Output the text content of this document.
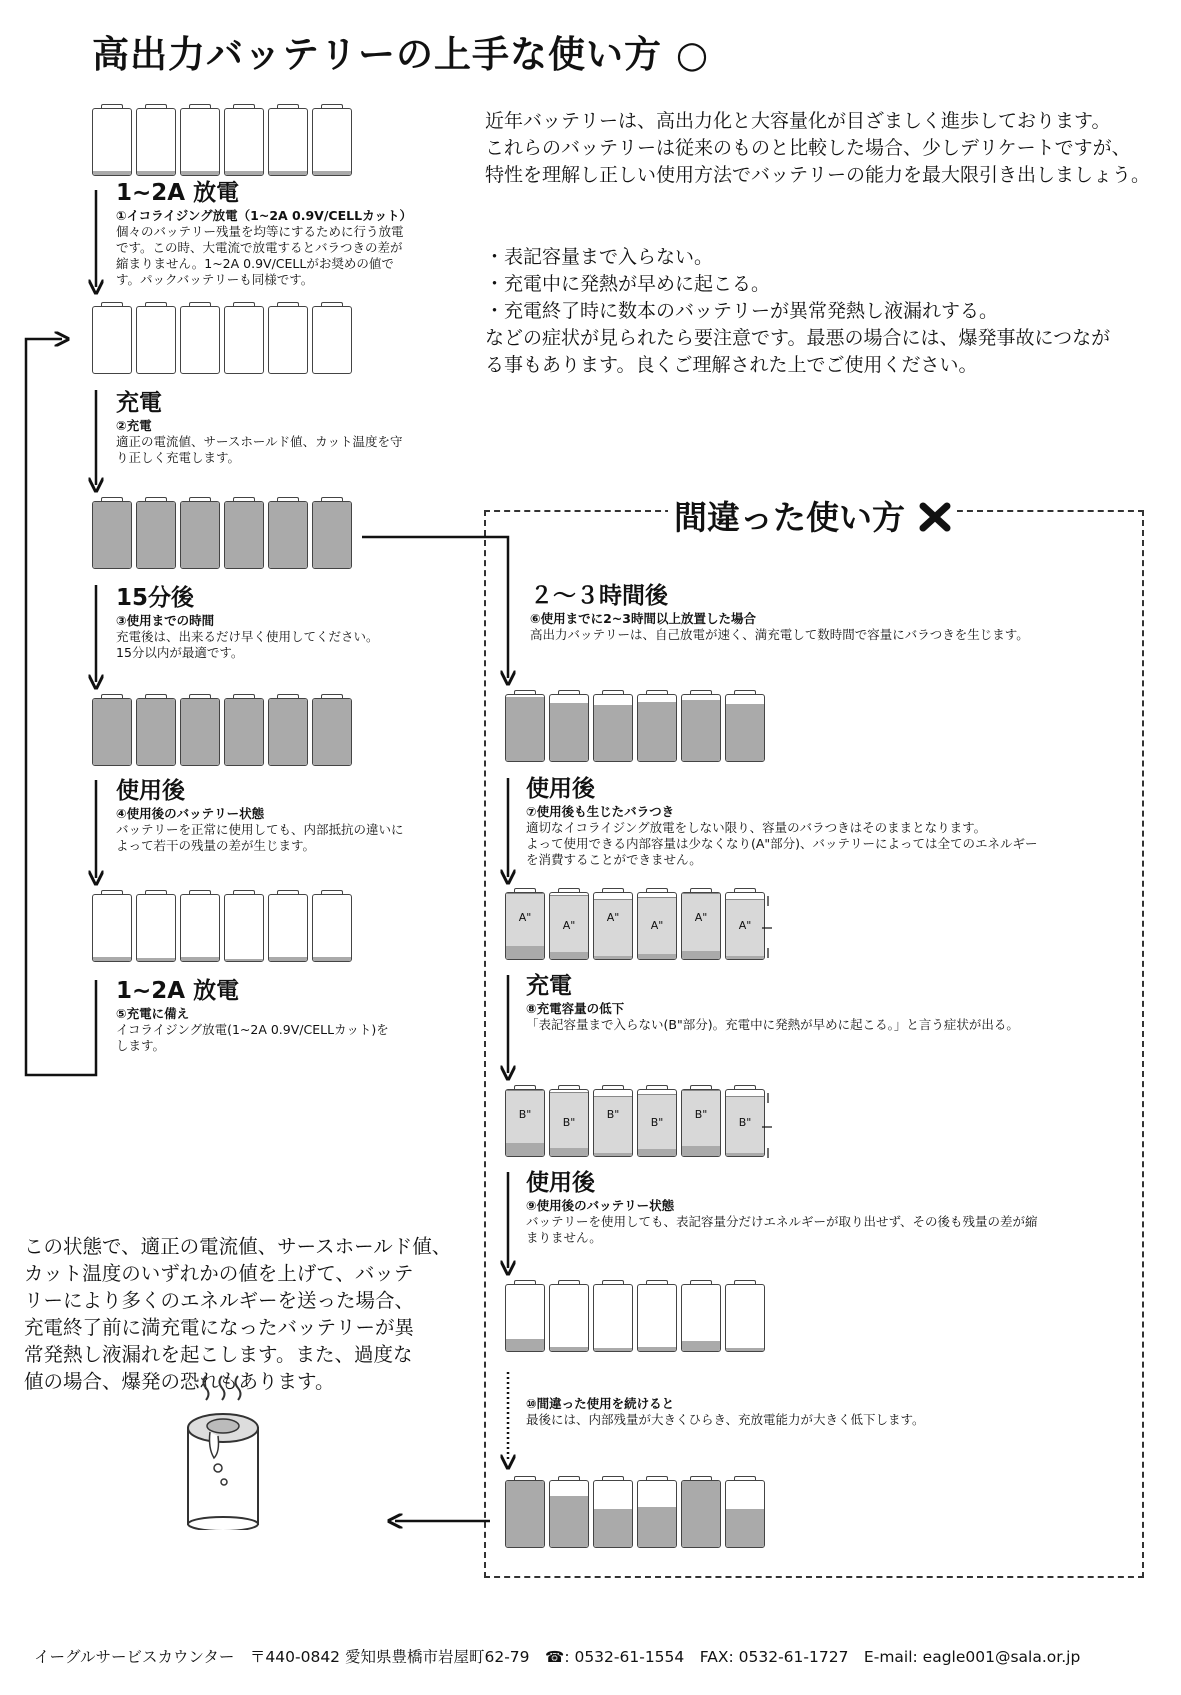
高出力バッテリーの上手な使い方 ○
近年バッテリーは、高出力化と大容量化が目ざましく進歩しております。
これらのバッテリーは従来のものと比較した場合、少しデリケートですが、
特性を理解し正しい使用方法でバッテリーの能力を最大限引き出しましょう。
・表記容量まで入らない。
・充電中に発熱が早めに起こる。
・充電終了時に数本のバッテリーが異常発熱し液漏れする。
などの症状が見られたら要注意です。最悪の場合には、爆発事故につなが
る事もあります。良くご理解された上でご使用ください。
1~2A 放電
①イコライジング放電（1~2A 0.9V/CELLカット）
個々のバッテリー残量を均等にするために行う放電
です。この時、大電流で放電するとバラつきの差が
縮まりません。1~2A 0.9V/CELLがお奨めの値で
す。パックバッテリーも同様です。
充電
②充電
適正の電流値、サースホールド値、カット温度を守
り正しく充電します。
15分後
③使用までの時間
充電後は、出来るだけ早く使用してください。
15分以内が最適です。
使用後
④使用後のバッテリー状態
バッテリーを正常に使用しても、内部抵抗の違いに
よって若干の残量の差が生じます。
1~2A 放電
⑤充電に備え
イコライジング放電(1~2A 0.9V/CELLカット)を
します。
間違った使い方
A"
A"
A"
A"
A"
A"
B"
B"
B"
B"
B"
B"
２～３時間後
⑥使用までに2~3時間以上放置した場合
高出力バッテリーは、自己放電が速く、満充電して数時間で容量にバラつきを生じます。
使用後
⑦使用後も生じたバラつき
適切なイコライジング放電をしない限り、容量のバラつきはそのままとなります。
よって使用できる内部容量は少なくなり(A"部分)、バッテリーによっては全てのエネルギー
を消費することができません。
充電
⑧充電容量の低下
「表記容量まで入らない(B"部分)。充電中に発熱が早めに起こる。」と言う症状が出る。
使用後
⑨使用後のバッテリー状態
バッテリーを使用しても、表記容量分だけエネルギーが取り出せず、その後も残量の差が縮
まりません。
⑩間違った使用を続けると
最後には、内部残量が大きくひらき、充放電能力が大きく低下します。
この状態で、適正の電流値、サースホールド値、
カット温度のいずれかの値を上げて、バッテ
リーにより多くのエネルギーを送った場合、
充電終了前に満充電になったバッテリーが異
常発熱し液漏れを起こします。また、過度な
値の場合、爆発の恐れもあります。
イーグルサービスカウンター　〒440-0842 愛知県豊橋市岩屋町62-79　☎: 0532-61-1554　FAX: 0532-61-1727　E-mail: eagle001@sala.or.jp
